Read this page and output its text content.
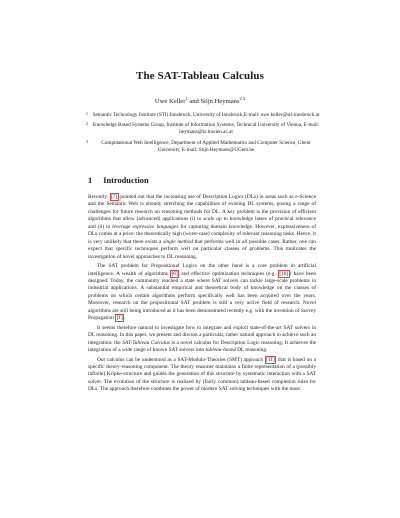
The SAT-Tableau Calculus
Uwe Keller$^1$ and Stijn Heymans$^{2,3}$
1 Semantic Technology Institute (STI) Innsbruck, University of Innsbruck,E-mail: uwe.keller@sti-innsbruck.at
2 Knowledge Based Systems Group, Institute of Information Systems, Technical University of Vienna, E-mail: heymans@kr.tuwien.ac.at
3	Computational Web Intelligence, Department of Applied Mathematics and Computer Science, Ghent University, E-mail: Stijn.Heymans@UGent.be
1 Introduction

Recently, [7] pointed out that the increasing use of Description Logics (DLs) in areas such as e-Science and the Semantic Web is already stretching the capabilities of existing DL systems, posing a range of challenges for future research on reasoning methods for DL. A key problem is the provision of efficient algorithms that allow (advanced) applications (i) to scale up to knowledge bases of practical relevance and (ii) to leverage expressive languages for capturing domain knowledge. However, expressiveness of DLs comes at a price: the theoretically high (worst-case) complexity of relevant reasoning tasks. Hence, it is very unlikely that there exists a single method that performs well in all possible cases. Rather, one can expect that specific techniques perform well on particular classes of problems. This motivates the investigation of novel approaches to DL reasoning.

The SAT problem for Propositional Logics on the other hand is a core problem in artificial intelligence. A wealth of algorithms [6] and effective optimization techniques (e.g. [10]) have been designed. Today, the community reached a state where SAT solvers can tackle large-scale problems in industrial applications. A substantial empirical and theoretical body of knowledge on the classes of problems on which certain algorithms perform specifically well has been acquired over the years. Moreover, research on the propositional SAT problem is still a very active field of research. Novel algorithms are still being introduced as it has been demonstrated recently e.g. with the invention of Survey Propagation [1].

It seems therefore natural to investigate how to integrate and exploit state-of-the-art SAT solvers in DL reasoning. In this paper, we present and discuss a particular, rather natural approach to achieve such an integration: the SAT-Tableau Calculus is a novel calculus for Description Logic reasoning. It achieves the integration of a wide range of known SAT solvers into tableau-based DL reasoning.

Our calculus can be understood as a SAT-Modulo-Theories (SMT) approach [11] that is based on a specific theory-reasoning component. The theory reasoner maintains a finite representation of a (possibly infinite) Kripke-structure and guides the generation of this structure by systematic interaction with a SAT solver. The evolution of the structure is realized by (fairly common) tableau-based completion rules for DLs. The approach therefore combines the power of modern SAT solving techniques with the most
